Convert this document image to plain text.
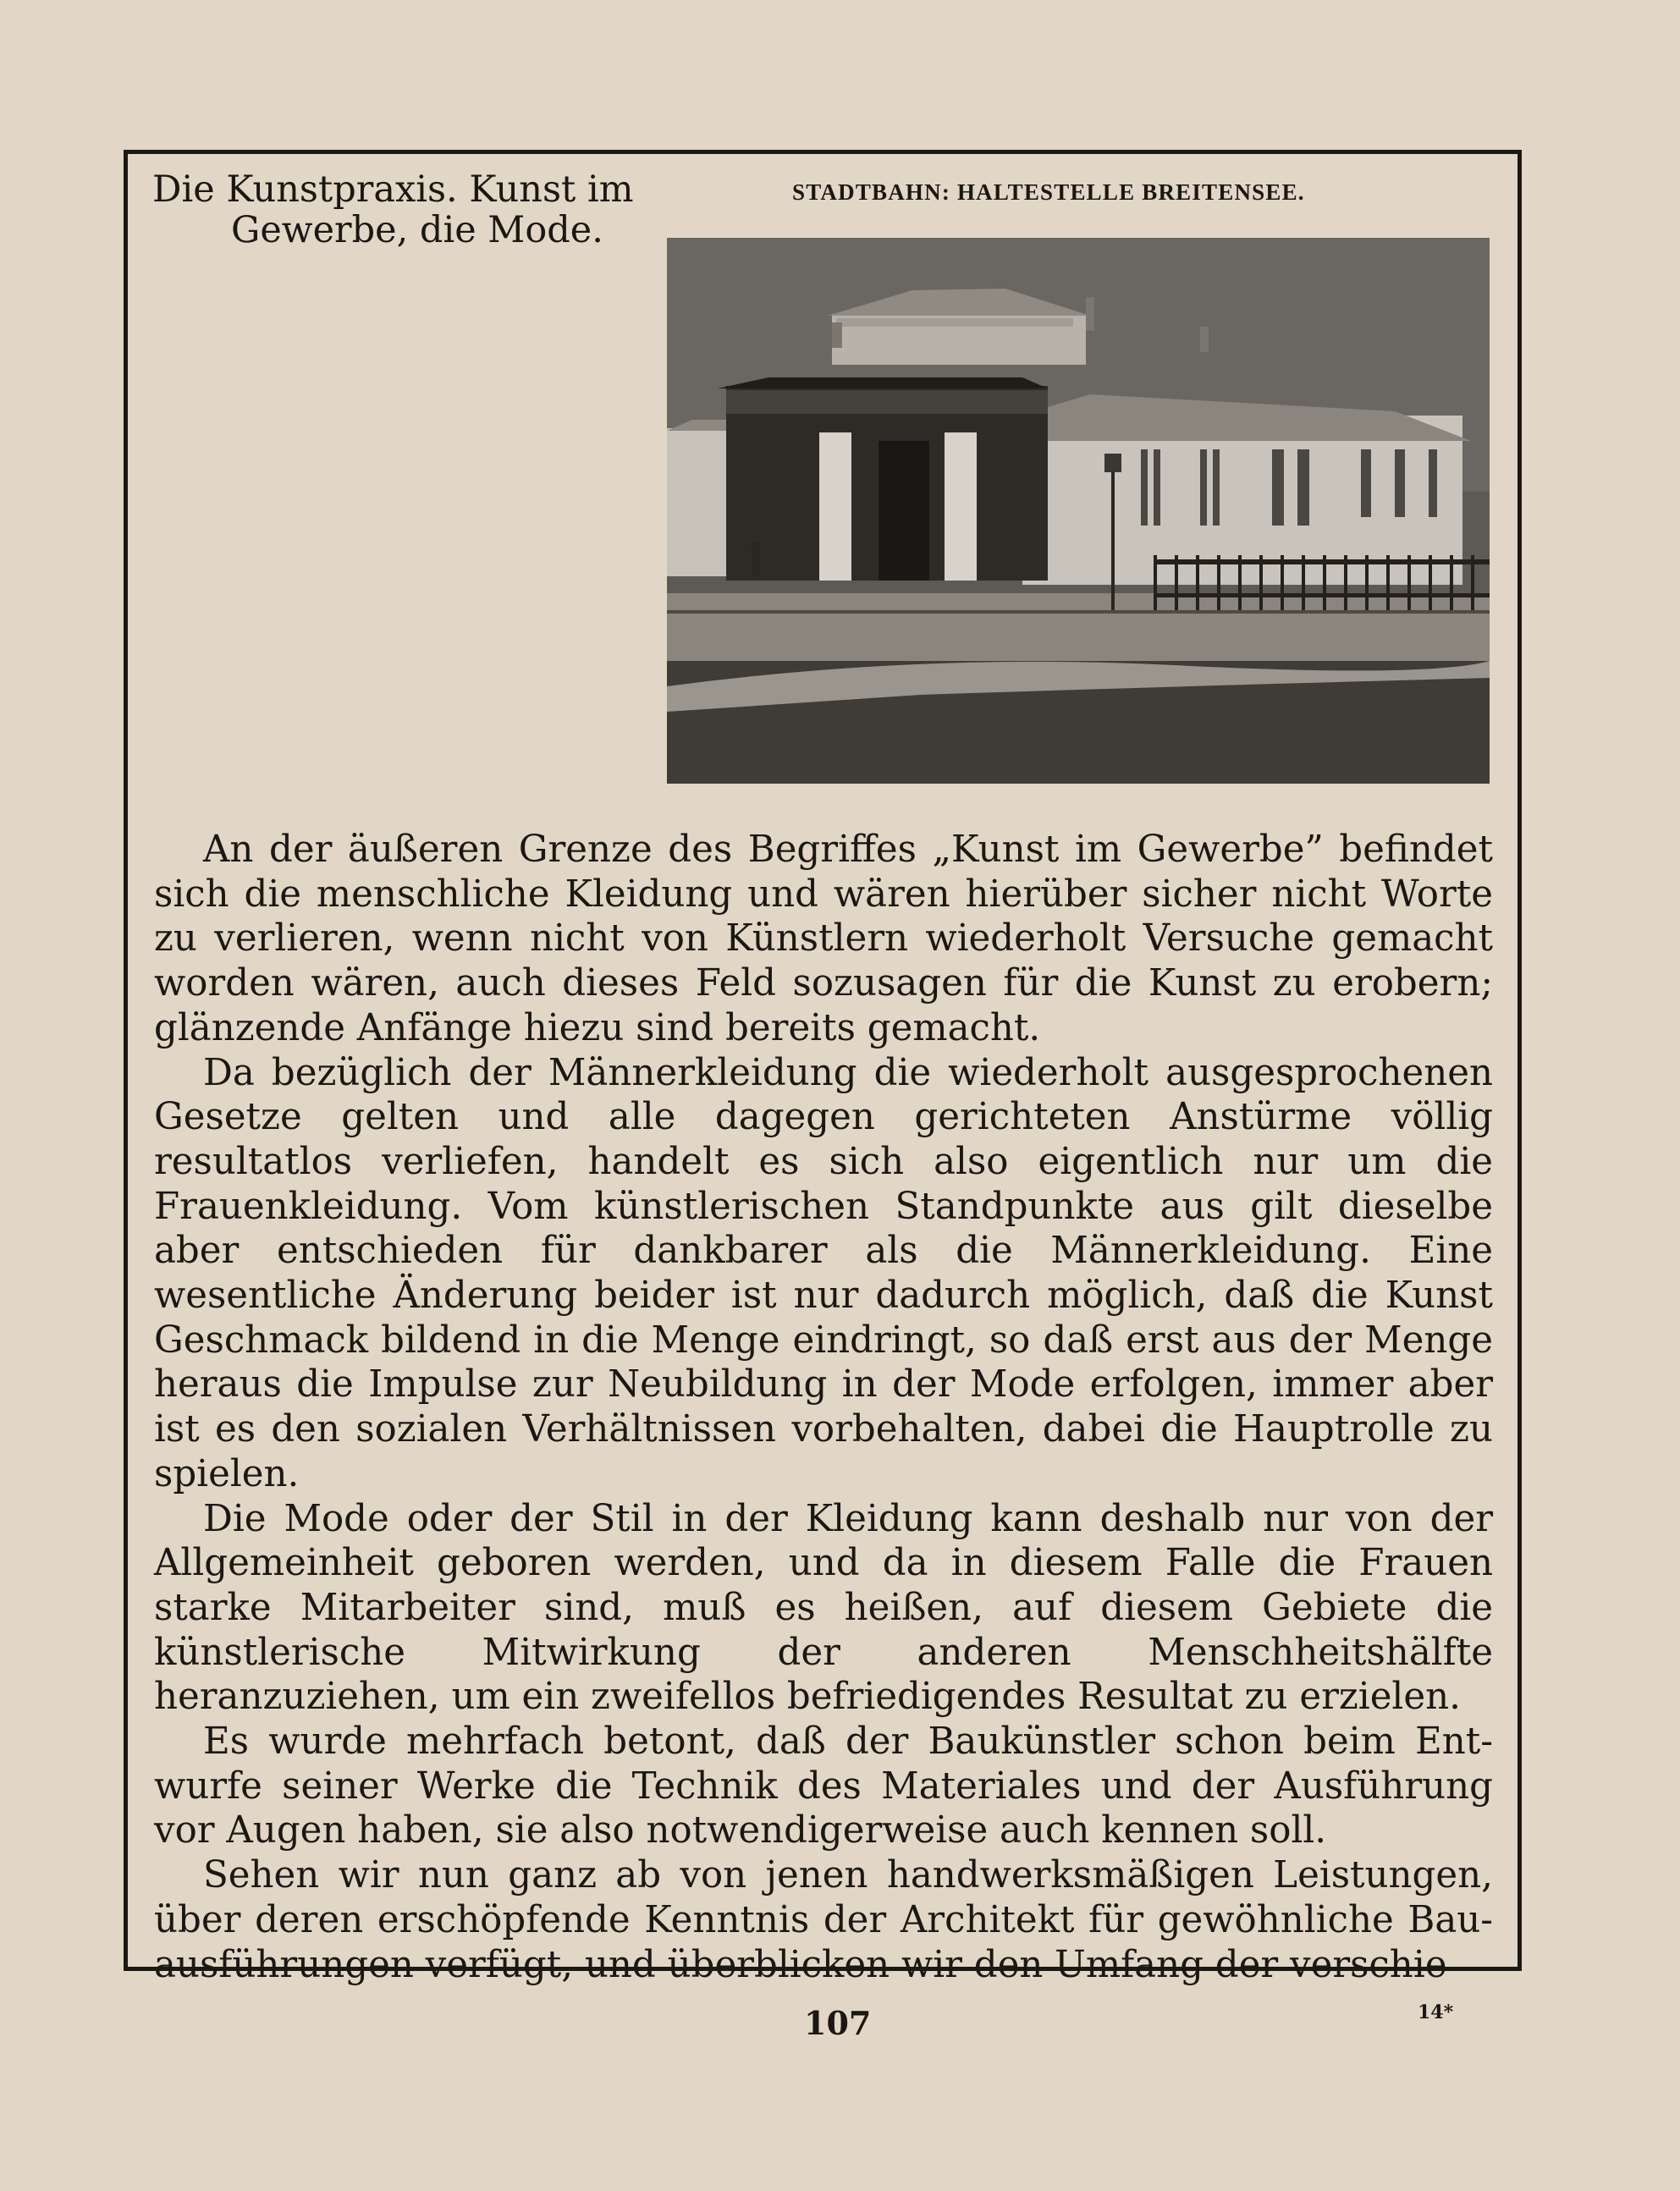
Die Kunstpraxis. Kunst im
Gewerbe, die Mode.
STADTBAHN: HALTESTELLE BREITENSEE.

An der äußeren Grenze des Begriffes „Kunst im Gewerbe” befindet sich die menschliche Kleidung und wären hierüber sicher nicht Worte zu verlieren, wenn nicht von Künstlern wiederholt Versuche gemacht worden wären, auch dieses Feld sozusagen für die Kunst zu erobern; glänzende Anfänge hiezu sind bereits gemacht.

Da bezüglich der Männerkleidung die wiederholt ausgesprochenen Gesetze gelten und alle dagegen gerichteten Anstürme völlig resultatlos verliefen, handelt es sich also eigentlich nur um die Frauenkleidung. Vom künstlerischen Standpunkte aus gilt dieselbe aber entschieden für dankbarer als die Männerkleidung. Eine wesentliche Änderung beider ist nur dadurch möglich, daß die Kunst Geschmack bildend in die Menge eindringt, so daß erst aus der Menge heraus die Impulse zur Neubildung in der Mode erfolgen, immer aber ist es den sozialen Verhältnissen vorbehalten, dabei die Hauptrolle zu spielen.

Die Mode oder der Stil in der Kleidung kann deshalb nur von der Allgemeinheit geboren werden, und da in diesem Falle die Frauen starke Mitarbeiter sind, muß es heißen, auf diesem Gebiete die künstlerische Mitwirkung der anderen Menschheitshälfte heranzuziehen, um ein zweifellos befriedigendes Resultat zu erzielen.

Es wurde mehrfach betont, daß der Baukünstler schon beim Entwurfe seiner Werke die Technik des Materiales und der Ausführung vor Augen haben, sie also notwendigerweise auch kennen soll.

Sehen wir nun ganz ab von jenen handwerksmäßigen Leistungen, über deren erschöpfende Kenntnis der Architekt für gewöhnliche Bauausführungen verfügt, und überblicken wir den Umfang der verschie

107	14*
